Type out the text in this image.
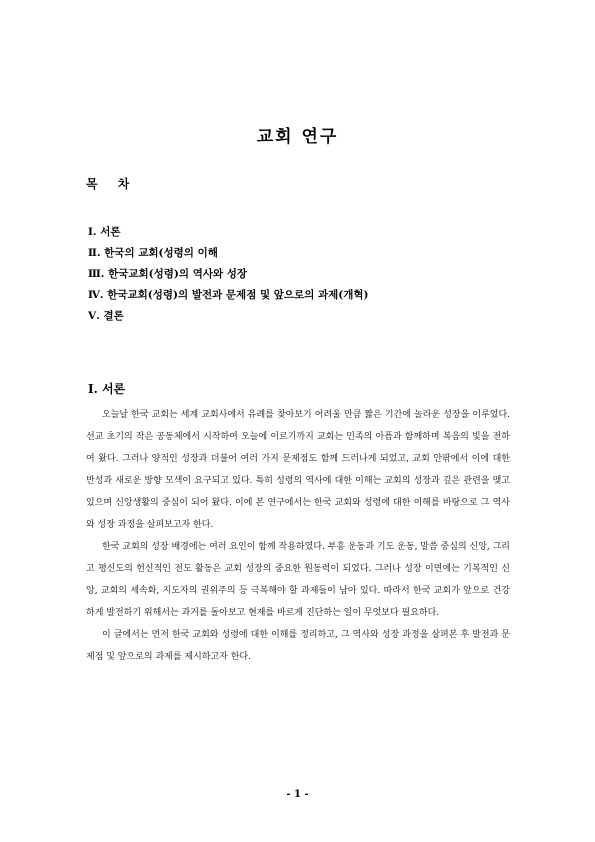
교회 연구
목 차
Ⅰ. 서론
Ⅱ. 한국의 교회(성령의 이해
Ⅲ. 한국교회(성령)의 역사와 성장
Ⅳ. 한국교회(성령)의 발전과 문제점 및 앞으로의 과제(개혁)
Ⅴ. 결론
Ⅰ. 서론

오늘날 한국 교회는 세계 교회사에서 유례를 찾아보기 어려울 만큼 짧은 기간에 놀라운 성장을 이루었다. 선교 초기의 작은 공동체에서 시작하여 오늘에 이르기까지 교회는 민족의 아픔과 함께하며 복음의 빛을 전하여 왔다. 그러나 양적인 성장과 더불어 여러 가지 문제점도 함께 드러나게 되었고, 교회 안팎에서 이에 대한 반성과 새로운 방향 모색이 요구되고 있다. 특히 성령의 역사에 대한 이해는 교회의 성장과 깊은 관련을 맺고 있으며 신앙생활의 중심이 되어 왔다. 이에 본 연구에서는 한국 교회와 성령에 대한 이해를 바탕으로 그 역사와 성장 과정을 살펴보고자 한다.

한국 교회의 성장 배경에는 여러 요인이 함께 작용하였다. 부흥 운동과 기도 운동, 말씀 중심의 신앙, 그리고 평신도의 헌신적인 전도 활동은 교회 성장의 중요한 원동력이 되었다. 그러나 성장 이면에는 기복적인 신앙, 교회의 세속화, 지도자의 권위주의 등 극복해야 할 과제들이 남아 있다. 따라서 한국 교회가 앞으로 건강하게 발전하기 위해서는 과거를 돌아보고 현재를 바르게 진단하는 일이 무엇보다 필요하다.

이 글에서는 먼저 한국 교회와 성령에 대한 이해를 정리하고, 그 역사와 성장 과정을 살펴본 후 발전과 문제점 및 앞으로의 과제를 제시하고자 한다.

- 1 -
